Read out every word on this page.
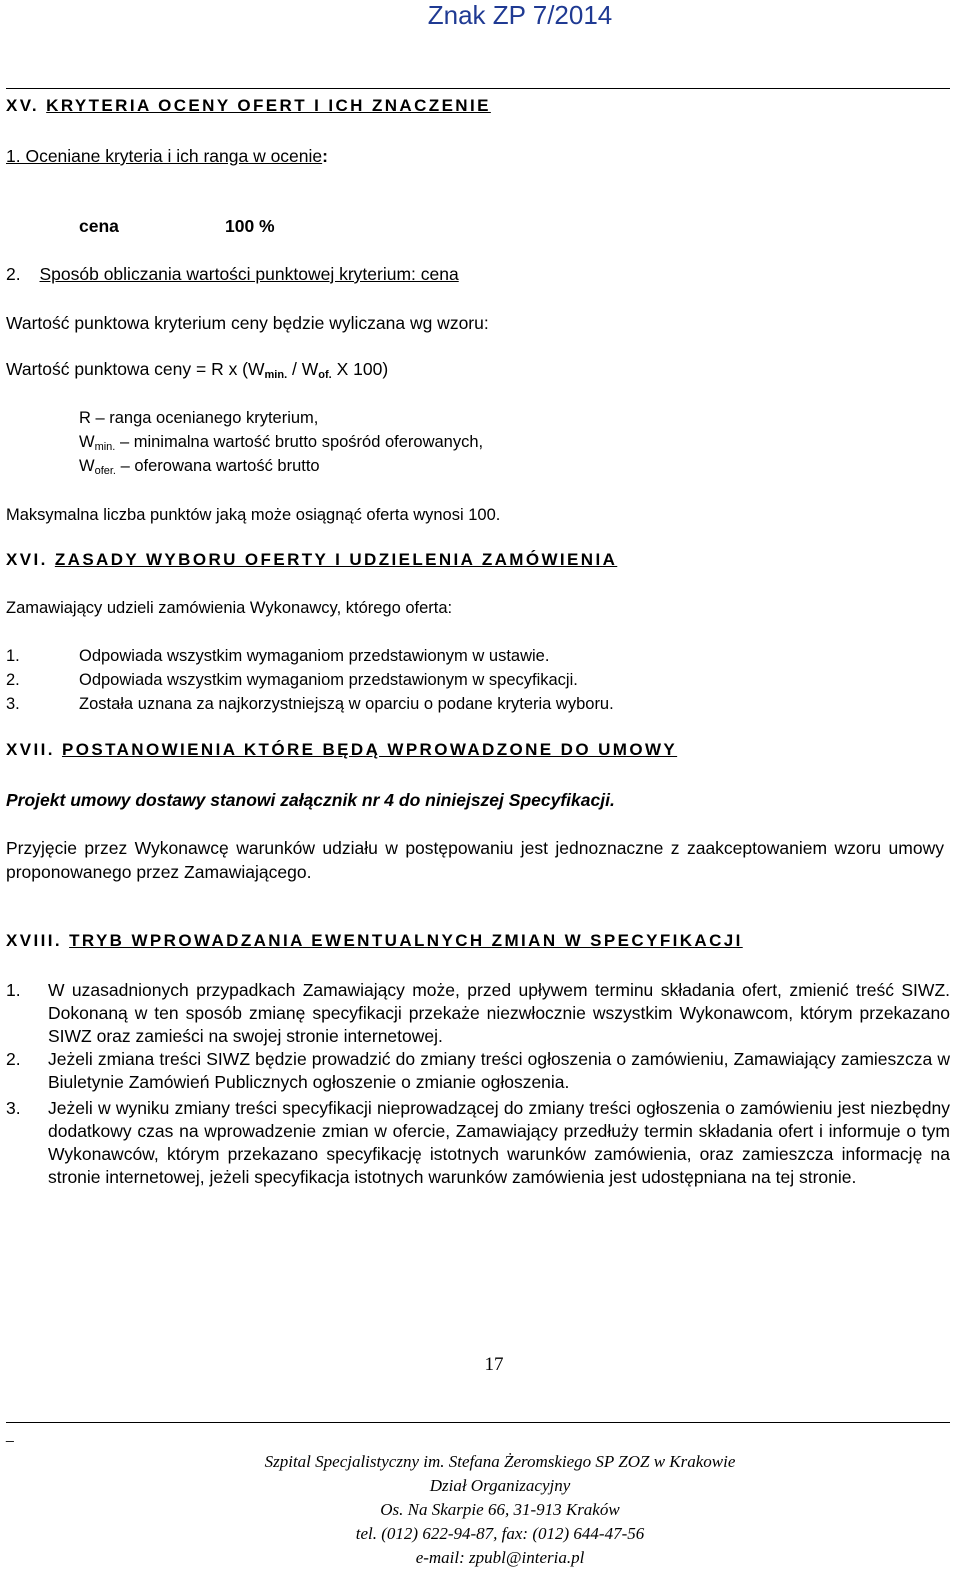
Znak ZP 7/2014
XV. KRYTERIA OCENY OFERT I ICH ZNACZENIE
1. Oceniane kryteria i ich ranga w ocenie:
cena	100 %
2. Sposób obliczania wartości punktowej kryterium: cena
Wartość punktowa kryterium ceny będzie wyliczana wg wzoru:
Wartość punktowa ceny = R x ($W_{min.} / W_{of.}$ X 100)
R – ranga ocenianego kryterium,
$W_{min.}$ – minimalna wartość brutto spośród oferowanych,
$W_{ofer.}$ – oferowana wartość brutto
Maksymalna liczba punktów jaką może osiągnąć oferta wynosi 100.
XVI. ZASADY WYBORU OFERTY I UDZIELENIA ZAMÓWIENIA
Zamawiający udzieli zamówienia Wykonawcy, którego oferta:
1.	Odpowiada wszystkim wymaganiom przedstawionym w ustawie.
2.	Odpowiada wszystkim wymaganiom przedstawionym w specyfikacji.
3.	Została uznana za najkorzystniejszą w oparciu o podane kryteria wyboru.
XVII. POSTANOWIENIA KTÓRE BĘDĄ WPROWADZONE DO UMOWY
Projekt umowy dostawy stanowi załącznik nr 4 do niniejszej Specyfikacji.
Przyjęcie przez Wykonawcę warunków udziału w postępowaniu jest jednoznaczne z zaakceptowaniem wzoru umowy proponowanego przez Zamawiającego.
XVIII. TRYB WPROWADZANIA EWENTUALNYCH ZMIAN W SPECYFIKACJI
1. W uzasadnionych przypadkach Zamawiający może, przed upływem terminu składania ofert, zmienić treść SIWZ. Dokonaną w ten sposób zmianę specyfikacji przekaże niezwłocznie wszystkim Wykonawcom, którym przekazano SIWZ oraz zamieści na swojej stronie internetowej.
2. Jeżeli zmiana treści SIWZ będzie prowadzić do zmiany treści ogłoszenia o zamówieniu, Zamawiający zamieszcza w Biuletynie Zamówień Publicznych ogłoszenie o zmianie ogłoszenia.
3. Jeżeli w wyniku zmiany treści specyfikacji nieprowadzącej do zmiany treści ogłoszenia o zamówieniu jest niezbędny dodatkowy czas na wprowadzenie zmian w ofercie, Zamawiający przedłuży termin składania ofert i informuje o tym Wykonawców, którym przekazano specyfikację istotnych warunków zamówienia, oraz zamieszcza informację na stronie internetowej, jeżeli specyfikacja istotnych warunków zamówienia jest udostępniana na tej stronie.
17
_
Szpital Specjalistyczny im. Stefana Żeromskiego SP ZOZ w Krakowie
Dział Organizacyjny
Os. Na Skarpie 66, 31-913 Kraków
tel. (012) 622-94-87, fax: (012) 644-47-56
e-mail: zpubl@interia.pl
